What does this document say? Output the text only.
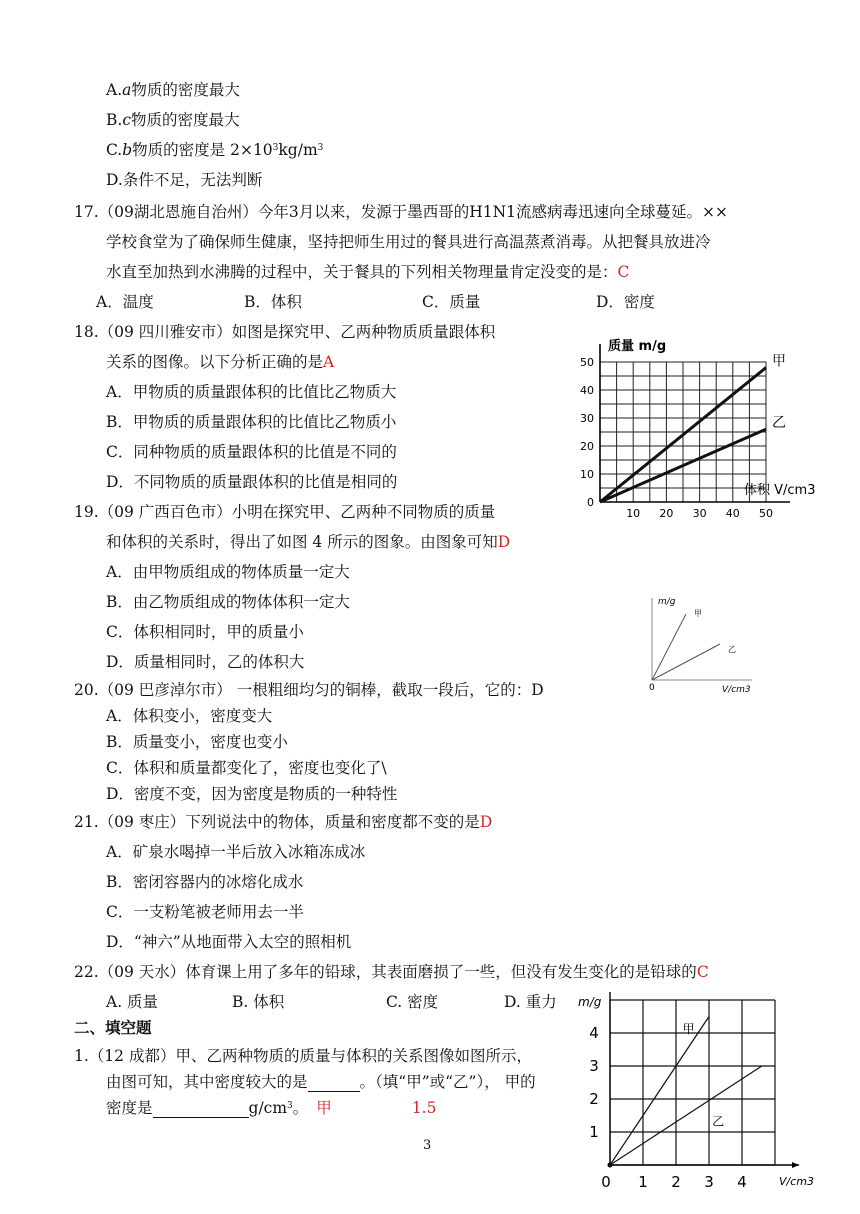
A.a物质的密度最大
B.c物质的密度最大
C.b物质的密度是 $2\times 10^3kg/m^3$
D.条件不足，无法判断
17.（09湖北恩施自治州）今年3月以来，发源于墨西哥的H1N1流感病毒迅速向全球蔓延。××
学校食堂为了确保师生健康，坚持把师生用过的餐具进行高温蒸煮消毒。从把餐具放进冷
水直至加热到水沸腾的过程中，关于餐具的下列相关物理量肯定没变的是：C
A．温度	B．体积	C．质量	D．密度
18.（09 四川雅安市）如图是探究甲、乙两种物质质量跟体积
关系的图像。以下分析正确的是A
A．甲物质的质量跟体积的比值比乙物质大
B．甲物质的质量跟体积的比值比乙物质小
C．同种物质的质量跟体积的比值是不同的
D．不同物质的质量跟体积的比值是相同的
19.（09 广西百色市）小明在探究甲、乙两种不同物质的质量
和体积的关系时，得出了如图 4 所示的图象。由图象可知D
A．由甲物质组成的物体质量一定大
B．由乙物质组成的物体体积一定大
C．体积相同时，甲的质量小
D．质量相同时，乙的体积大
20.（09 巴彦淖尔市） 一根粗细均匀的铜棒，截取一段后，它的：D
A．体积变小，密度变大
B．质量变小，密度也变小
C．体积和质量都变化了，密度也变化了\
D．密度不变，因为密度是物质的一种特性
21.（09 枣庄）下列说法中的物体，质量和密度都不变的是D
A．矿泉水喝掉一半后放入冰箱冻成冰
B．密闭容器内的冰熔化成水
C．一支粉笔被老师用去一半
D．“神六”从地面带入太空的照相机
22.（09 天水）体育课上用了多年的铅球，其表面磨损了一些，但没有发生变化的是铅球的C
A. 质量	B. 体积	C. 密度	D. 重力
二、填空题
1.（12 成都）甲、乙两种物质的质量与体积的关系图像如图所示，
由图可知，其中密度较大的是	。（填“甲”或“乙”）， 甲的
密度是	$g/cm^3$。 甲	1.5
3
10 20 30 40 50
10
20
30
40
50
0
质量 m/g
体积 V/cm3
甲
乙
m/g
V/cm3
0
甲
乙
0 1 2 3 4
1
2
3
4
m/g
V/cm3
甲
乙
